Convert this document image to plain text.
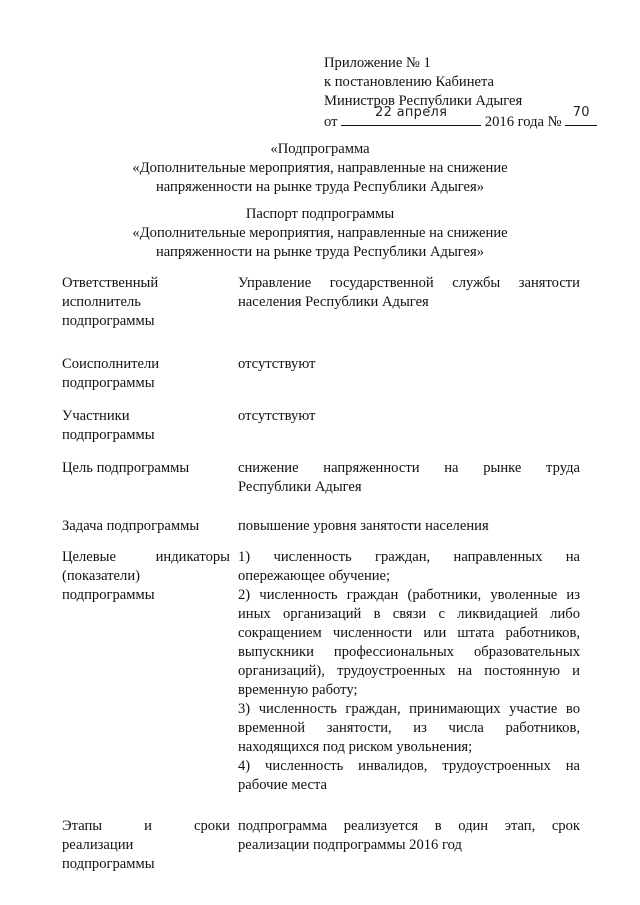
Приложение № 1
к постановлению Кабинета
Министров Республики Адыгея
от
22 апреля
2016 года №
70
«Подпрограмма
«Дополнительные мероприятия, направленные на снижение
напряженности на рынке труда Республики Адыгея»
Паспорт подпрограммы
«Дополнительные мероприятия, направленные на снижение
напряженности на рынке труда Республики Адыгея»
Ответственный
исполнитель
подпрограммы
Управление государственной службы занятости
населения Республики Адыгея
Соисполнители
подпрограммы
отсутствуют
Участники
подпрограммы
отсутствуют
Цель подпрограммы	снижение напряженности на рынке труда
Республики Адыгея
Задача подпрограммы	повышение уровня занятости населения
Целевые индикаторы
(показатели)
подпрограммы
1) численность граждан, направленных на
опережающее обучение;
2) численность граждан (работники, уволенные из
иных организаций в связи с ликвидацией либо
сокращением численности или штата работников,
выпускники профессиональных образовательных
организаций), трудоустроенных на постоянную и
временную работу;
3) численность граждан, принимающих участие во
временной занятости, из числа работников,
находящихся под риском увольнения;
4) численность инвалидов, трудоустроенных на
рабочие места
Этапы и сроки
реализации
подпрограммы
подпрограмма реализуется в один этап, срок
реализации подпрограммы 2016 год
